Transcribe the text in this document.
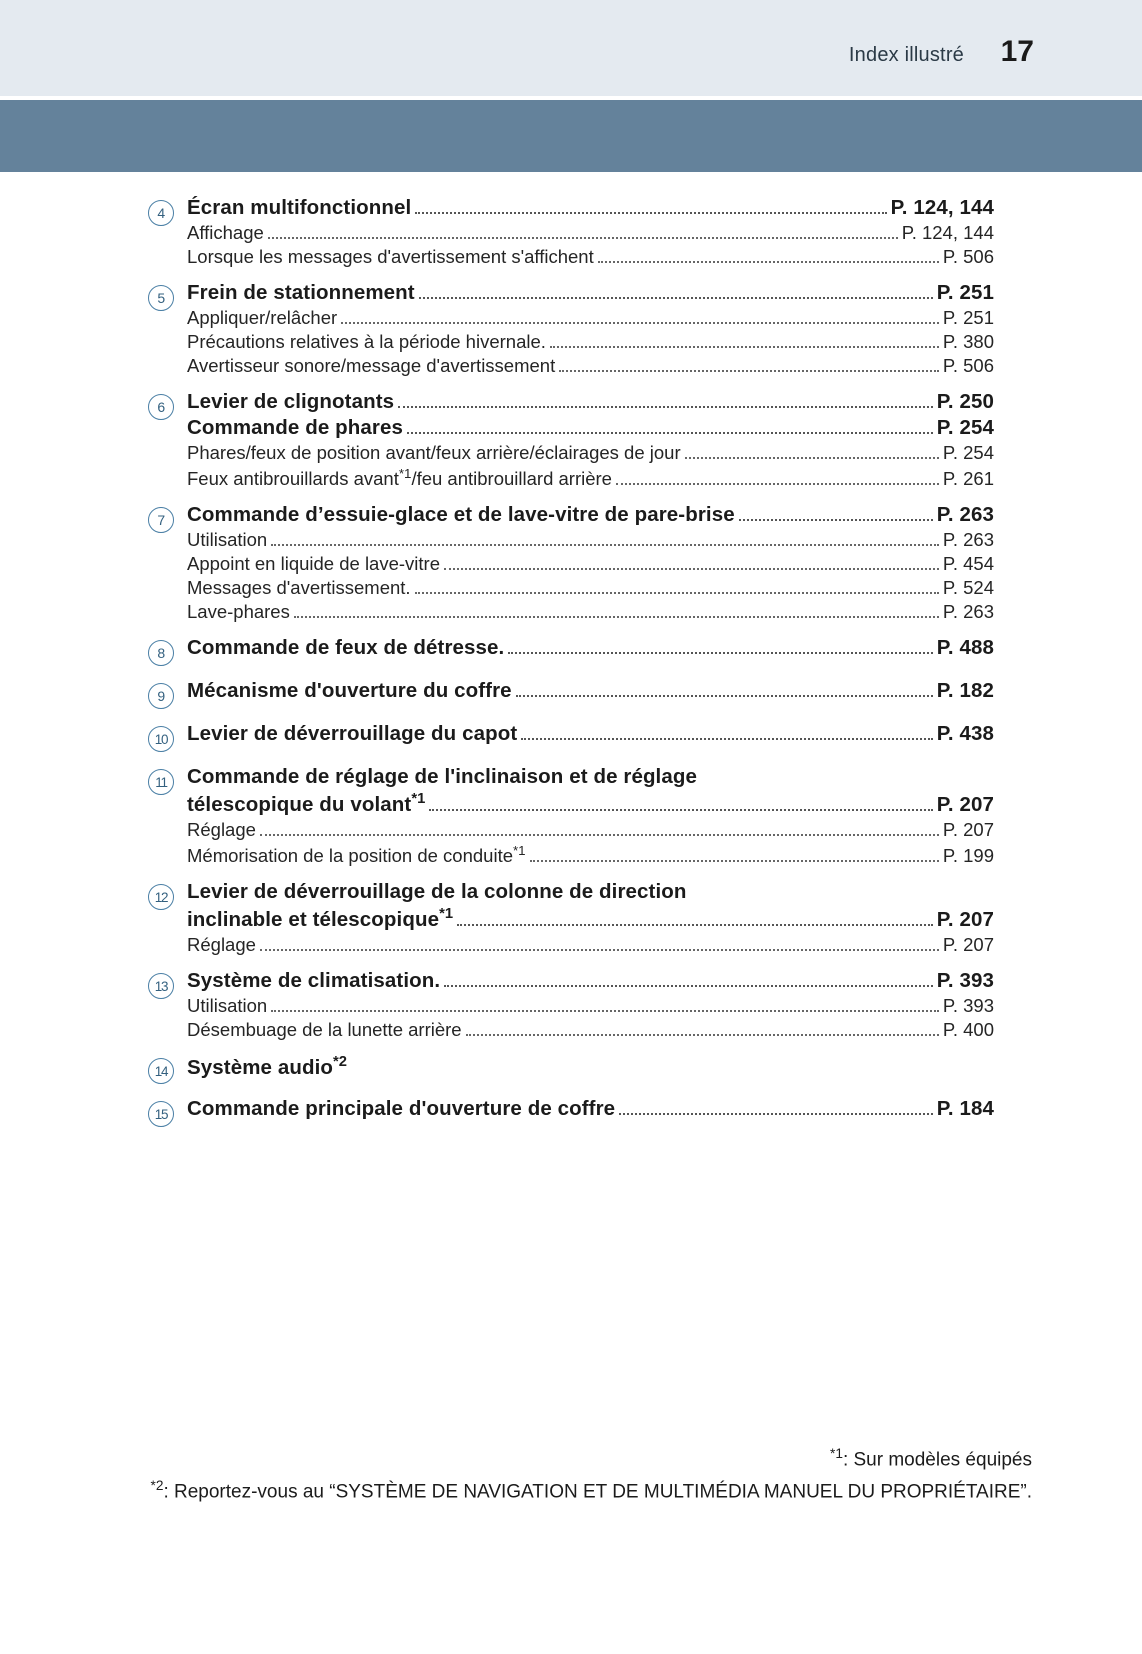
Index illustré 17
4	Écran multifonctionnel	P. 124, 144
Affichage	P. 124, 144
Lorsque les messages d'avertissement s'affichent	P. 506
5	Frein de stationnement	P. 251
Appliquer/relâcher	P. 251
Précautions relatives à la période hivernale.	P. 380
Avertisseur sonore/message d'avertissement	P. 506
6	Levier de clignotants	P. 250
Commande de phares	P. 254
Phares/feux de position avant/feux arrière/éclairages de jour	P. 254
Feux antibrouillards avant$^{*1}$/feu antibrouillard arrière	P. 261
7	Commande d’essuie-glace et de lave-vitre de pare-brise	P. 263
Utilisation	P. 263
Appoint en liquide de lave-vitre	P. 454
Messages d'avertissement.	P. 524
Lave-phares	P. 263
8	Commande de feux de détresse.	P. 488
9	Mécanisme d'ouverture du coffre	P. 182
10 Levier de déverrouillage du capot	P. 438
11 Commande de réglage de l'inclinaison et de réglage
télescopique du volant$^{*1}$	P. 207
Réglage	P. 207
Mémorisation de la position de conduite$^{*1}$	P. 199
12 Levier de déverrouillage de la colonne de direction
inclinable et télescopique$^{*1}$	P. 207
Réglage	P. 207
13 Système de climatisation.	P. 393
Utilisation	P. 393
Désembuage de la lunette arrière	P. 400
14 Système audio$^{*2}$
15 Commande principale d'ouverture de coffre	P. 184
$^{*1}$: Sur modèles équipés
$^{*2}$: Reportez-vous au “SYSTÈME DE NAVIGATION ET DE MULTIMÉDIA MANUEL DU PROPRIÉTAIRE”.
